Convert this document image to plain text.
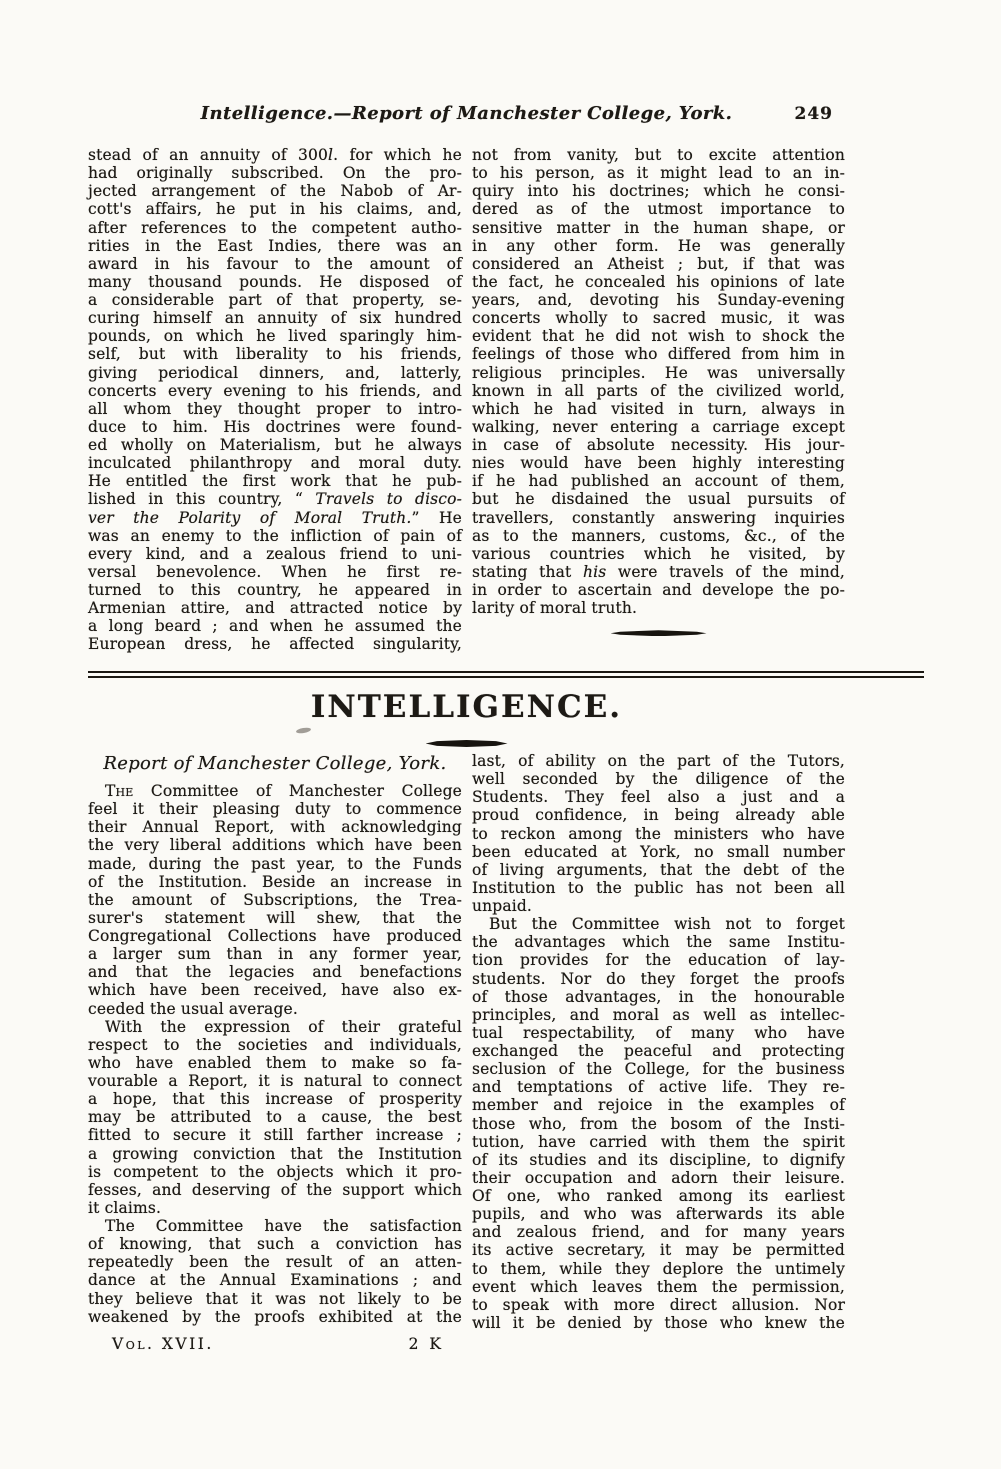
Intelligence.—Report of Manchester College, York.	249
stead of an annuity of 300l. for which he
had originally subscribed. On the pro-
jected arrangement of the Nabob of Ar-
cott's affairs, he put in his claims, and,
after references to the competent autho-
rities in the East Indies, there was an
award in his favour to the amount of
many thousand pounds. He disposed of
a considerable part of that property, se-
curing himself an annuity of six hundred
pounds, on which he lived sparingly him-
self, but with liberality to his friends,
giving periodical dinners, and, latterly,
concerts every evening to his friends, and
all whom they thought proper to intro-
duce to him. His doctrines were found-
ed wholly on Materialism, but he always
inculcated philanthropy and moral duty.
He entitled the first work that he pub-
lished in this country, “ Travels to disco-
ver the Polarity of Moral Truth.” He
was an enemy to the infliction of pain of
every kind, and a zealous friend to uni-
versal benevolence. When he first re-
turned to this country, he appeared in
Armenian attire, and attracted notice by
a long beard ; and when he assumed the
European dress, he affected singularity,
not from vanity, but to excite attention
to his person, as it might lead to an in-
quiry into his doctrines; which he consi-
dered as of the utmost importance to
sensitive matter in the human shape, or
in any other form. He was generally
considered an Atheist ; but, if that was
the fact, he concealed his opinions of late
years, and, devoting his Sunday-evening
concerts wholly to sacred music, it was
evident that he did not wish to shock the
feelings of those who differed from him in
religious principles. He was universally
known in all parts of the civilized world,
which he had visited in turn, always in
walking, never entering a carriage except
in case of absolute necessity. His jour-
nies would have been highly interesting
if he had published an account of them,
but he disdained the usual pursuits of
travellers, constantly answering inquiries
as to the manners, customs, &c., of the
various countries which he visited, by
stating that his were travels of the mind,
in order to ascertain and develope the po-
larity of moral truth.
INTELLIGENCE.
Report of Manchester College, York.
The Committee of Manchester College
feel it their pleasing duty to commence
their Annual Report, with acknowledging
the very liberal additions which have been
made, during the past year, to the Funds
of the Institution. Beside an increase in
the amount of Subscriptions, the Trea-
surer's statement will shew, that the
Congregational Collections have produced
a larger sum than in any former year,
and that the legacies and benefactions
which have been received, have also ex-
ceeded the usual average.
With the expression of their grateful
respect to the societies and individuals,
who have enabled them to make so fa-
vourable a Report, it is natural to connect
a hope, that this increase of prosperity
may be attributed to a cause, the best
fitted to secure it still farther increase ;
a growing conviction that the Institution
is competent to the objects which it pro-
fesses, and deserving of the support which
it claims.
The Committee have the satisfaction
of knowing, that such a conviction has
repeatedly been the result of an atten-
dance at the Annual Examinations ; and
they believe that it was not likely to be
weakened by the proofs exhibited at the
Vol. XVII.	2 K
last, of ability on the part of the Tutors,
well seconded by the diligence of the
Students. They feel also a just and a
proud confidence, in being already able
to reckon among the ministers who have
been educated at York, no small number
of living arguments, that the debt of the
Institution to the public has not been all
unpaid.
But the Committee wish not to forget
the advantages which the same Institu-
tion provides for the education of lay-
students. Nor do they forget the proofs
of those advantages, in the honourable
principles, and moral as well as intellec-
tual respectability, of many who have
exchanged the peaceful and protecting
seclusion of the College, for the business
and temptations of active life. They re-
member and rejoice in the examples of
those who, from the bosom of the Insti-
tution, have carried with them the spirit
of its studies and its discipline, to dignify
their occupation and adorn their leisure.
Of one, who ranked among its earliest
pupils, and who was afterwards its able
and zealous friend, and for many years
its active secretary, it may be permitted
to them, while they deplore the untimely
event which leaves them the permission,
to speak with more direct allusion. Nor
will it be denied by those who knew the
